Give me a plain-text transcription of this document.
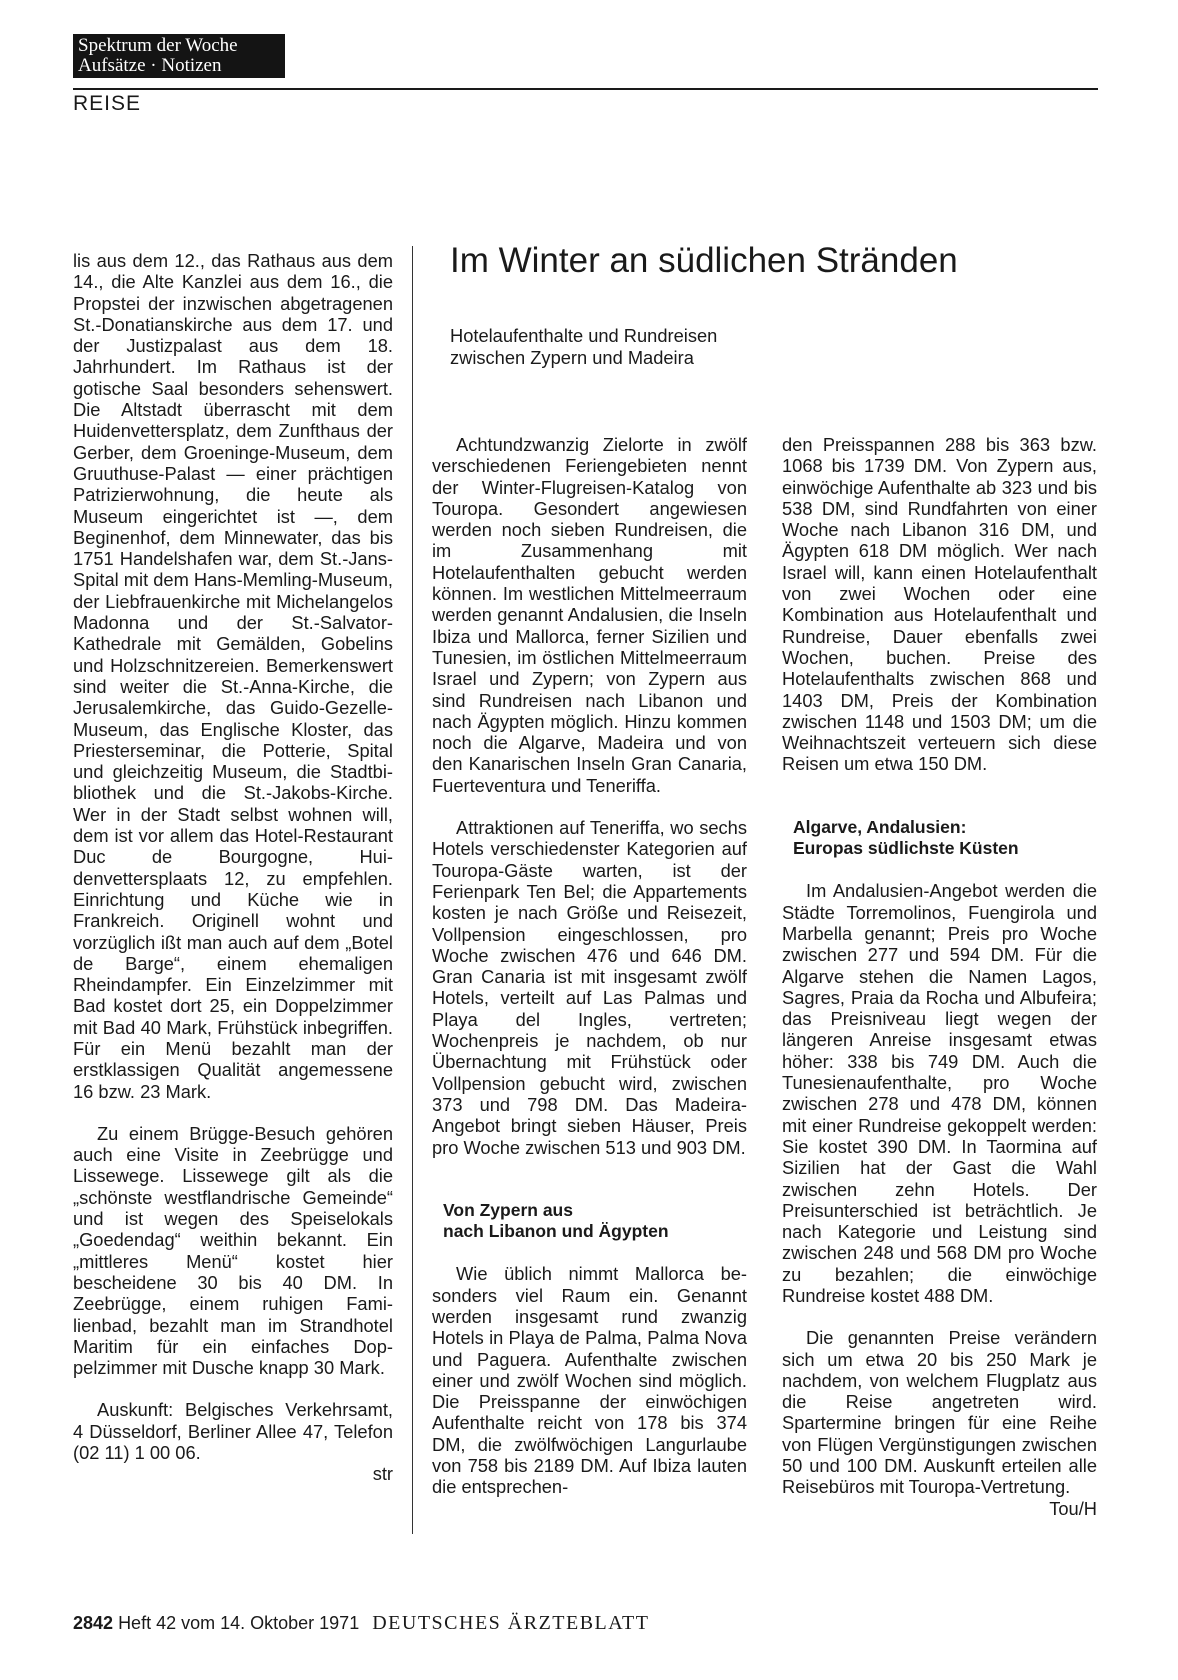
Spektrum der Woche
Aufsätze · Notizen
REISE

lis aus dem 12., das Rathaus aus dem 14., die Alte Kanzlei aus dem 16., die Propstei der inzwischen abgetragenen St.-Donatianskirche aus dem 17. und der Justizpalast aus dem 18. Jahrhundert. Im Rathaus ist der gotische Saal besonders sehenswert. Die Altstadt überrascht mit dem Huidenvettersplatz, dem Zunfthaus der Gerber, dem Groeninge-Museum, dem Gruuthuse-Palast — einer prächtigen Patrizierwohnung, die heute als Museum eingerichtet ist —, dem Beginenhof, dem Minnewater, das bis 1751 Handelshafen war, dem St.-Jans-Spital mit dem Hans-Memling-Museum, der Liebfrauenkirche mit Michelangelos Madonna und der St.-Salvator-Kathedrale mit Gemälden, Gobelins und Holzschnitzereien. Bemerkenswert sind weiter die St.-Anna-Kirche, die Jerusalemkirche, das Guido-Gezelle-Museum, das Englische Kloster, das Priesterseminar, die Potterie, Spital und gleichzeitig Museum, die Stadtbibliothek und die St.-Jakobs-Kirche. Wer in der Stadt selbst wohnen will, dem ist vor allem das Hotel-Restaurant Duc de Bourgogne, Huidenvettersplaats 12, zu empfehlen. Einrichtung und Küche wie in Frankreich. Originell wohnt und vorzüglich ißt man auch auf dem „Botel de Barge“, einem ehemaligen Rheindampfer. Ein Einzelzimmer mit Bad kostet dort 25, ein Doppelzimmer mit Bad 40 Mark, Frühstück inbegriffen. Für ein Menü bezahlt man der erstklassigen Qualität angemessene 16 bzw. 23 Mark.

Zu einem Brügge-Besuch gehören auch eine Visite in Zeebrügge und Lissewege. Lissewege gilt als die „schönste westflandrische Gemeinde“ und ist wegen des Speiselokals „Goedendag“ weithin bekannt. Ein „mittleres Menü“ kostet hier bescheidene 30 bis 40 DM. In Zeebrügge, einem ruhigen Familienbad, bezahlt man im Strandhotel Maritim für ein einfaches Doppelzimmer mit Dusche knapp 30 Mark.

Auskunft: Belgisches Verkehrsamt, 4 Düsseldorf, Berliner Allee 47, Telefon (02 11) 1 00 06.

str
Im Winter an südlichen Stränden
Hotelaufenthalte und Rundreisen
zwischen Zypern und Madeira

Achtundzwanzig Zielorte in zwölf verschiedenen Feriengebieten nennt der Winter-Flugreisen-Katalog von Touropa. Gesondert angewiesen werden noch sieben Rundreisen, die im Zusammenhang mit Hotelaufenthalten gebucht werden können. Im westlichen Mittelmeerraum werden genannt Andalusien, die Inseln Ibiza und Mallorca, ferner Sizilien und Tunesien, im östlichen Mittelmeerraum Israel und Zypern; von Zypern aus sind Rundreisen nach Libanon und nach Ägypten möglich. Hinzu kommen noch die Algarve, Madeira und von den Kanarischen Inseln Gran Canaria, Fuerteventura und Teneriffa.

Attraktionen auf Teneriffa, wo sechs Hotels verschiedenster Kategorien auf Touropa-Gäste warten, ist der Ferienpark Ten Bel; die Appartements kosten je nach Größe und Reisezeit, Vollpension eingeschlossen, pro Woche zwischen 476 und 646 DM. Gran Canaria ist mit insgesamt zwölf Hotels, verteilt auf Las Palmas und Playa del Ingles, vertreten; Wochenpreis je nachdem, ob nur Übernachtung mit Frühstück oder Vollpension gebucht wird, zwischen 373 und 798 DM. Das Madeira-Angebot bringt sieben Häuser, Preis pro Woche zwischen 513 und 903 DM.

Von Zypern aus
nach Libanon und Ägypten

Wie üblich nimmt Mallorca besonders viel Raum ein. Genannt werden insgesamt rund zwanzig Hotels in Playa de Palma, Palma Nova und Paguera. Aufenthalte zwischen einer und zwölf Wochen sind möglich. Die Preisspanne der einwöchigen Aufenthalte reicht von 178 bis 374 DM, die zwölfwöchigen Langurlaube von 758 bis 2189 DM. Auf Ibiza lauten die entsprechen-

den Preisspannen 288 bis 363 bzw. 1068 bis 1739 DM. Von Zypern aus, einwöchige Aufenthalte ab 323 und bis 538 DM, sind Rundfahrten von einer Woche nach Libanon 316 DM, und Ägypten 618 DM möglich. Wer nach Israel will, kann einen Hotelaufenthalt von zwei Wochen oder eine Kombination aus Hotelaufenthalt und Rundreise, Dauer ebenfalls zwei Wochen, buchen. Preise des Hotelaufenthalts zwischen 868 und 1403 DM, Preis der Kombination zwischen 1148 und 1503 DM; um die Weihnachtszeit verteuern sich diese Reisen um etwa 150 DM.

Algarve, Andalusien:
Europas südlichste Küsten

Im Andalusien-Angebot werden die Städte Torremolinos, Fuengirola und Marbella genannt; Preis pro Woche zwischen 277 und 594 DM. Für die Algarve stehen die Namen Lagos, Sagres, Praia da Rocha und Albufeira; das Preisniveau liegt wegen der längeren Anreise insgesamt etwas höher: 338 bis 749 DM. Auch die Tunesienaufenthalte, pro Woche zwischen 278 und 478 DM, können mit einer Rundreise gekoppelt werden: Sie kostet 390 DM. In Taormina auf Sizilien hat der Gast die Wahl zwischen zehn Hotels. Der Preisunterschied ist beträchtlich. Je nach Kategorie und Leistung sind zwischen 248 und 568 DM pro Woche zu bezahlen; die einwöchige Rundreise kostet 488 DM.

Die genannten Preise verändern sich um etwa 20 bis 250 Mark je nachdem, von welchem Flugplatz aus die Reise angetreten wird. Spartermine bringen für eine Reihe von Flügen Vergünstigungen zwischen 50 und 100 DM. Auskunft erteilen alle Reisebüros mit Touropa-Vertretung.

Tou/H
2842 Heft 42 vom 14. Oktober 1971 DEUTSCHES ÄRZTEBLATT
